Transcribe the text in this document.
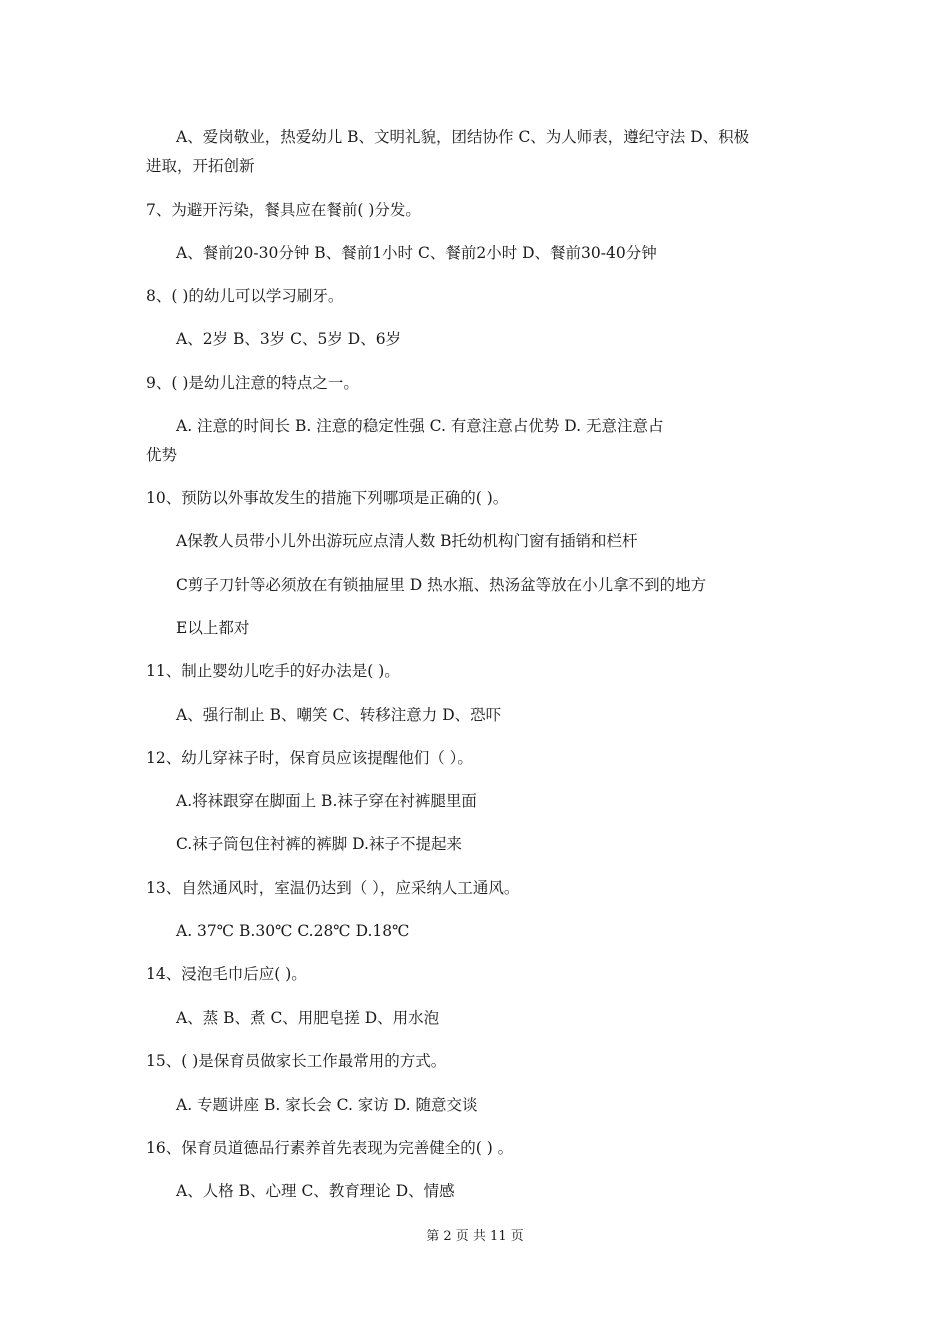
A、爱岗敬业，热爱幼儿 B、文明礼貌，团结协作 C、为人师表，遵纪守法 D、积极
进取，开拓创新
7、为避开污染，餐具应在餐前( )分发。
A、餐前20-30分钟 B、餐前1小时 C、餐前2小时 D、餐前30-40分钟
8、( )的幼儿可以学习刷牙。
A、2岁 B、3岁 C、5岁 D、6岁
9、( )是幼儿注意的特点之一。
A. 注意的时间长 B. 注意的稳定性强 C. 有意注意占优势 D. 无意注意占
优势
10、预防以外事故发生的措施下列哪项是正确的( )。
A保教人员带小儿外出游玩应点清人数 B托幼机构门窗有插销和栏杆
C剪子刀针等必须放在有锁抽屉里 D 热水瓶、热汤盆等放在小儿拿不到的地方
E以上都对
11、制止婴幼儿吃手的好办法是( )。
A、强行制止 B、嘲笑 C、转移注意力 D、恐吓
12、幼儿穿袜子时，保育员应该提醒他们（ ）。
A.将袜跟穿在脚面上 B.袜子穿在衬裤腿里面
C.袜子筒包住衬裤的裤脚 D.袜子不提起来
13、自然通风时，室温仍达到（ ），应采纳人工通风。
A. 37℃ B.30℃ C.28℃ D.18℃
14、浸泡毛巾后应( )。
A、蒸 B、煮 C、用肥皂搓 D、用水泡
15、( )是保育员做家长工作最常用的方式。
A. 专题讲座 B. 家长会 C. 家访 D. 随意交谈
16、保育员道德品行素养首先表现为完善健全的( ) 。
A、人格 B、心理 C、教育理论 D、情感
第 2 页 共 11 页
